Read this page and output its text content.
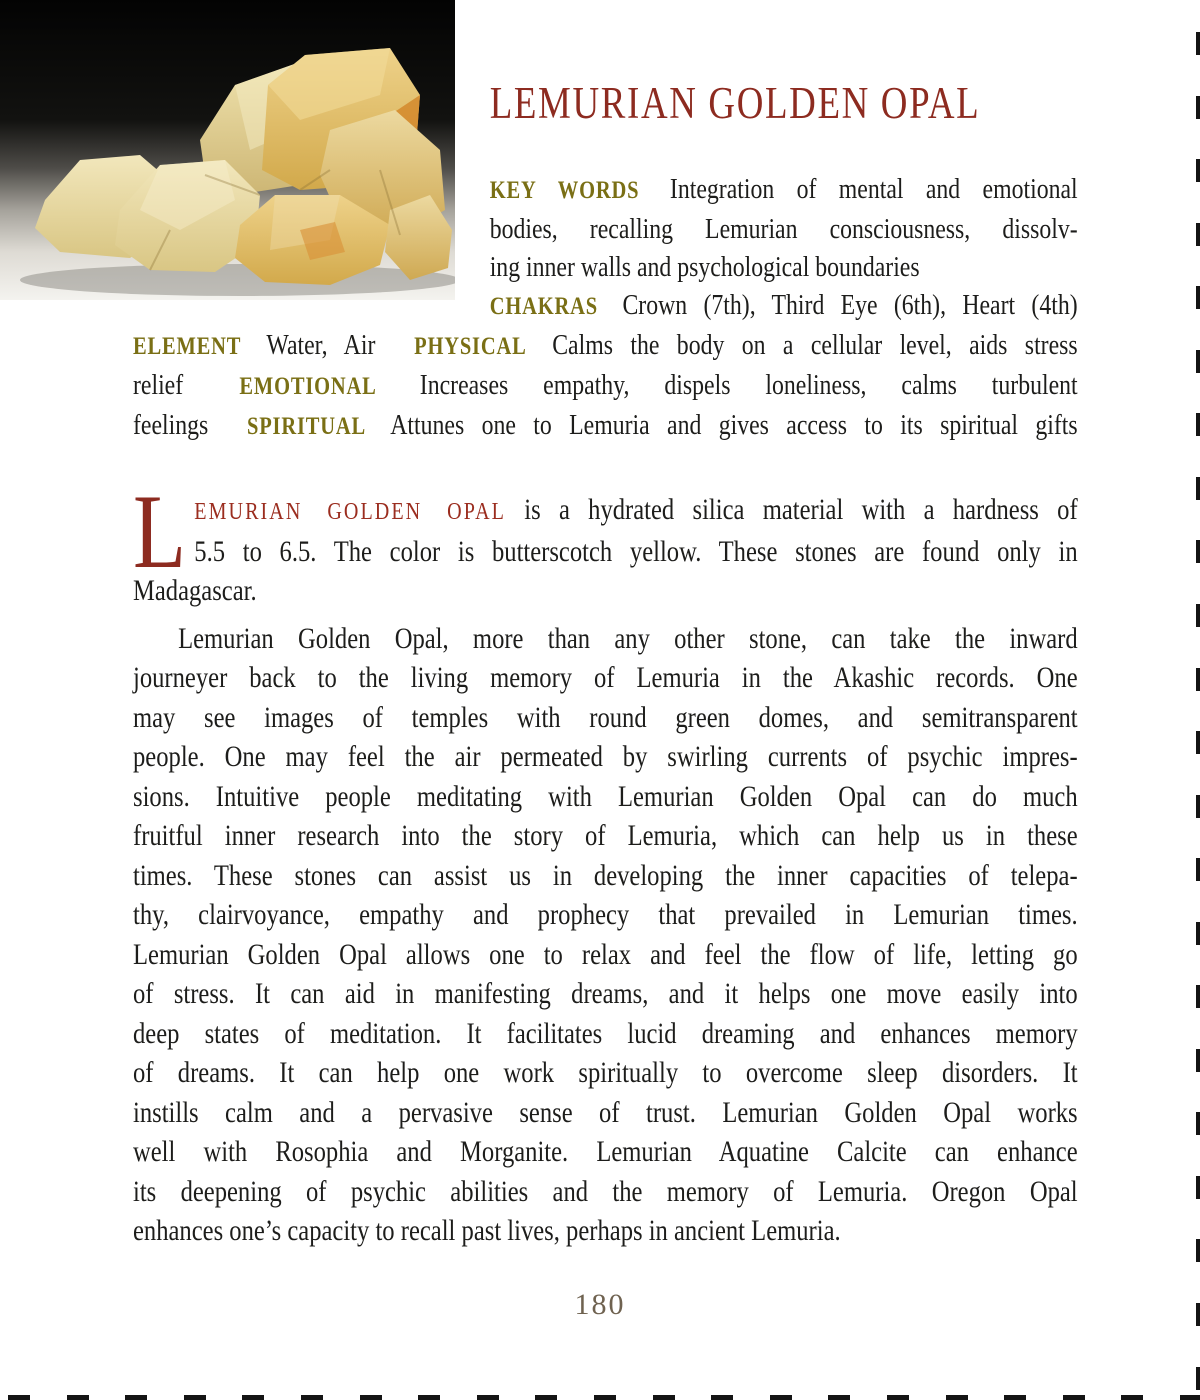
LEMURIAN GOLDEN OPAL
KEY WORDS Integration of mental and emotional
bodies, recalling Lemurian consciousness, dissolv-
ing inner walls and psychological boundaries
CHAKRAS Crown (7th), Third Eye (6th), Heart (4th)
ELEMENT Water, Air PHYSICAL Calms the body on a cellular level, aids stress
relief EMOTIONAL Increases empathy, dispels loneliness, calms turbulent
feelings SPIRITUAL Attunes one to Lemuria and gives access to its spiritual gifts
L EMURIAN GOLDEN OPAL is a hydrated silica material with a hardness of
5.5 to 6.5. The color is butterscotch yellow. These stones are found only in
Madagascar.
Lemurian Golden Opal, more than any other stone, can take the inward
journeyer back to the living memory of Lemuria in the Akashic records. One
may see images of temples with round green domes, and semitransparent
people. One may feel the air permeated by swirling currents of psychic impres-
sions. Intuitive people meditating with Lemurian Golden Opal can do much
fruitful inner research into the story of Lemuria, which can help us in these
times. These stones can assist us in developing the inner capacities of telepa-
thy, clairvoyance, empathy and prophecy that prevailed in Lemurian times.
Lemurian Golden Opal allows one to relax and feel the flow of life, letting go
of stress. It can aid in manifesting dreams, and it helps one move easily into
deep states of meditation. It facilitates lucid dreaming and enhances memory
of dreams. It can help one work spiritually to overcome sleep disorders. It
instills calm and a pervasive sense of trust. Lemurian Golden Opal works
well with Rosophia and Morganite. Lemurian Aquatine Calcite can enhance
its deepening of psychic abilities and the memory of Lemuria. Oregon Opal
enhances one’s capacity to recall past lives, perhaps in ancient Lemuria.
180
